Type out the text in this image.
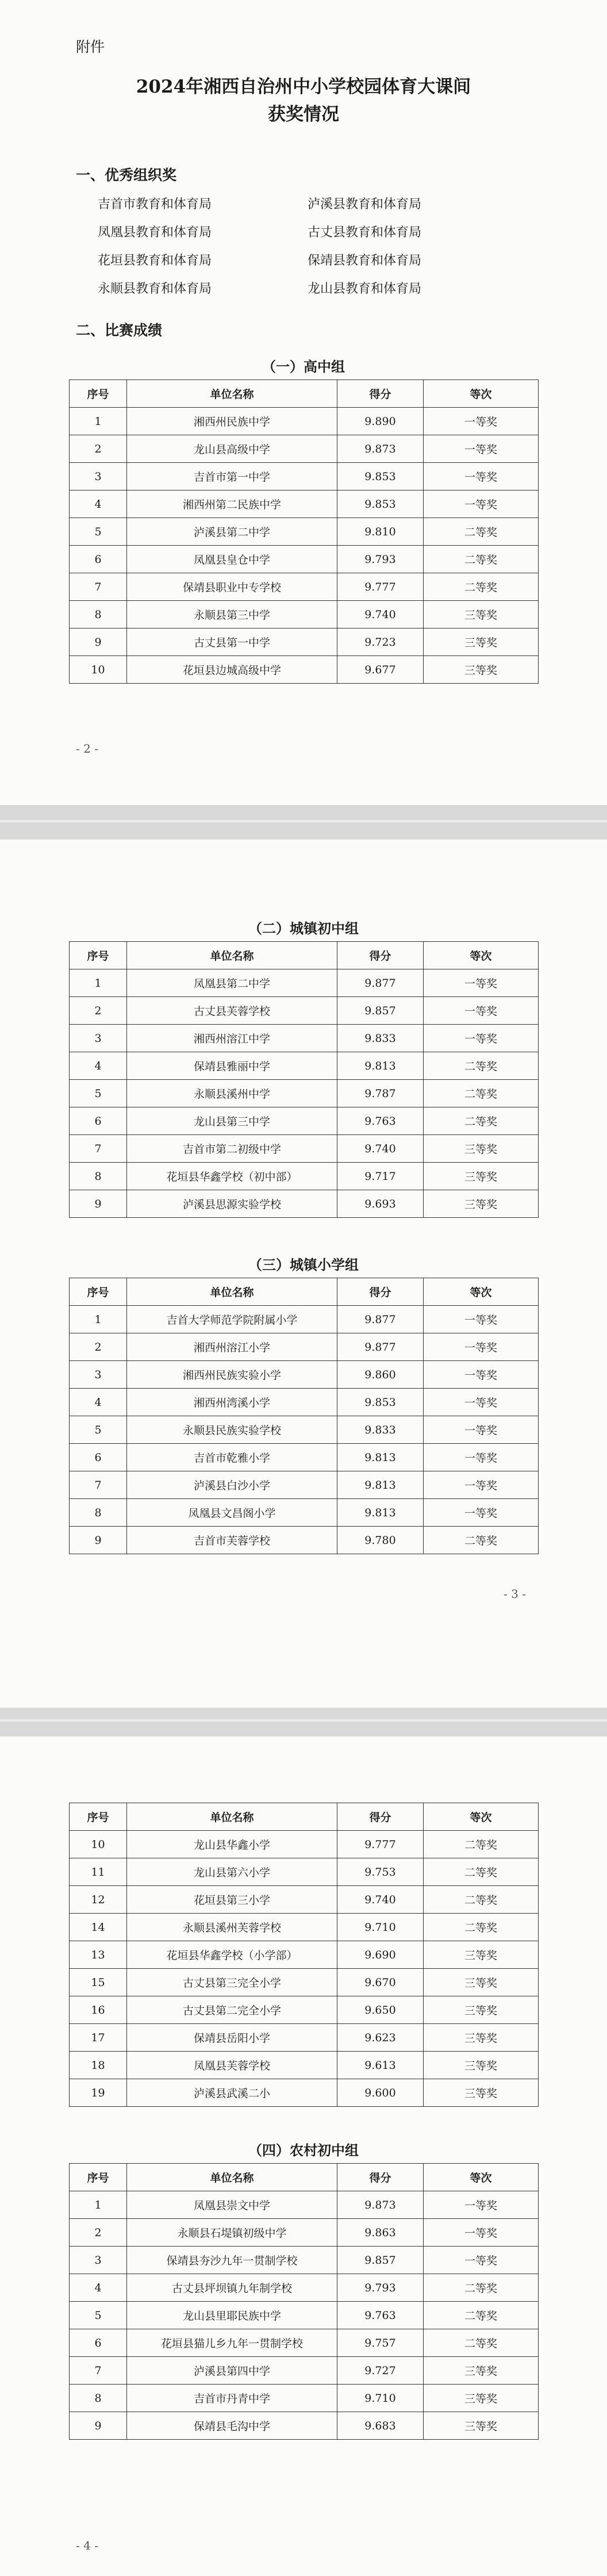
附件
2024年湘西自治州中小学校园体育大课间
获奖情况
一、优秀组织奖
吉首市教育和体育局	泸溪县教育和体育局
凤凰县教育和体育局	古丈县教育和体育局
花垣县教育和体育局	保靖县教育和体育局
永顺县教育和体育局	龙山县教育和体育局
二、比赛成绩
（一）高中组
序号	单位名称	得分	等次
1	湘西州民族中学	9.890	一等奖
2	龙山县高级中学	9.873	一等奖
3	吉首市第一中学	9.853	一等奖
4	湘西州第二民族中学	9.853	一等奖
5	泸溪县第二中学	9.810	二等奖
6	凤凰县皇仓中学	9.793	二等奖
7	保靖县职业中专学校	9.777	二等奖
8	永顺县第三中学	9.740	三等奖
9	古丈县第一中学	9.723	三等奖
10	花垣县边城高级中学	9.677	三等奖
- 2 -
（二）城镇初中组
序号	单位名称	得分	等次
1	凤凰县第二中学	9.877	一等奖
2	古丈县芙蓉学校	9.857	一等奖
3	湘西州溶江中学	9.833	一等奖
4	保靖县雅丽中学	9.813	二等奖
5	永顺县溪州中学	9.787	二等奖
6	龙山县第三中学	9.763	二等奖
7	吉首市第二初级中学	9.740	三等奖
8	花垣县华鑫学校（初中部）	9.717	三等奖
9	泸溪县思源实验学校	9.693	三等奖
（三）城镇小学组
序号	单位名称	得分	等次
1	吉首大学师范学院附属小学	9.877	一等奖
2	湘西州溶江小学	9.877	一等奖
3	湘西州民族实验小学	9.860	一等奖
4	湘西州湾溪小学	9.853	一等奖
5	永顺县民族实验学校	9.833	一等奖
6	吉首市乾雅小学	9.813	一等奖
7	泸溪县白沙小学	9.813	一等奖
8	凤凰县文昌阁小学	9.813	一等奖
9	吉首市芙蓉学校	9.780	二等奖
- 3 -
序号	单位名称	得分	等次
10	龙山县华鑫小学	9.777	二等奖
11	龙山县第六小学	9.753	二等奖
12	花垣县第三小学	9.740	二等奖
14	永顺县溪州芙蓉学校	9.710	二等奖
13	花垣县华鑫学校（小学部）	9.690	三等奖
15	古丈县第三完全小学	9.670	三等奖
16	古丈县第二完全小学	9.650	三等奖
17	保靖县岳阳小学	9.623	三等奖
18	凤凰县芙蓉学校	9.613	三等奖
19	泸溪县武溪二小	9.600	三等奖
（四）农村初中组
序号	单位名称	得分	等次
1	凤凰县崇文中学	9.873	一等奖
2	永顺县石堤镇初级中学	9.863	一等奖
3	保靖县夯沙九年一贯制学校	9.857	一等奖
4	古丈县坪坝镇九年制学校	9.793	二等奖
5	龙山县里耶民族中学	9.763	二等奖
6	花垣县猫儿乡九年一贯制学校	9.757	二等奖
7	泸溪县第四中学	9.727	三等奖
8	吉首市丹青中学	9.710	三等奖
9	保靖县毛沟中学	9.683	三等奖
- 4 -
